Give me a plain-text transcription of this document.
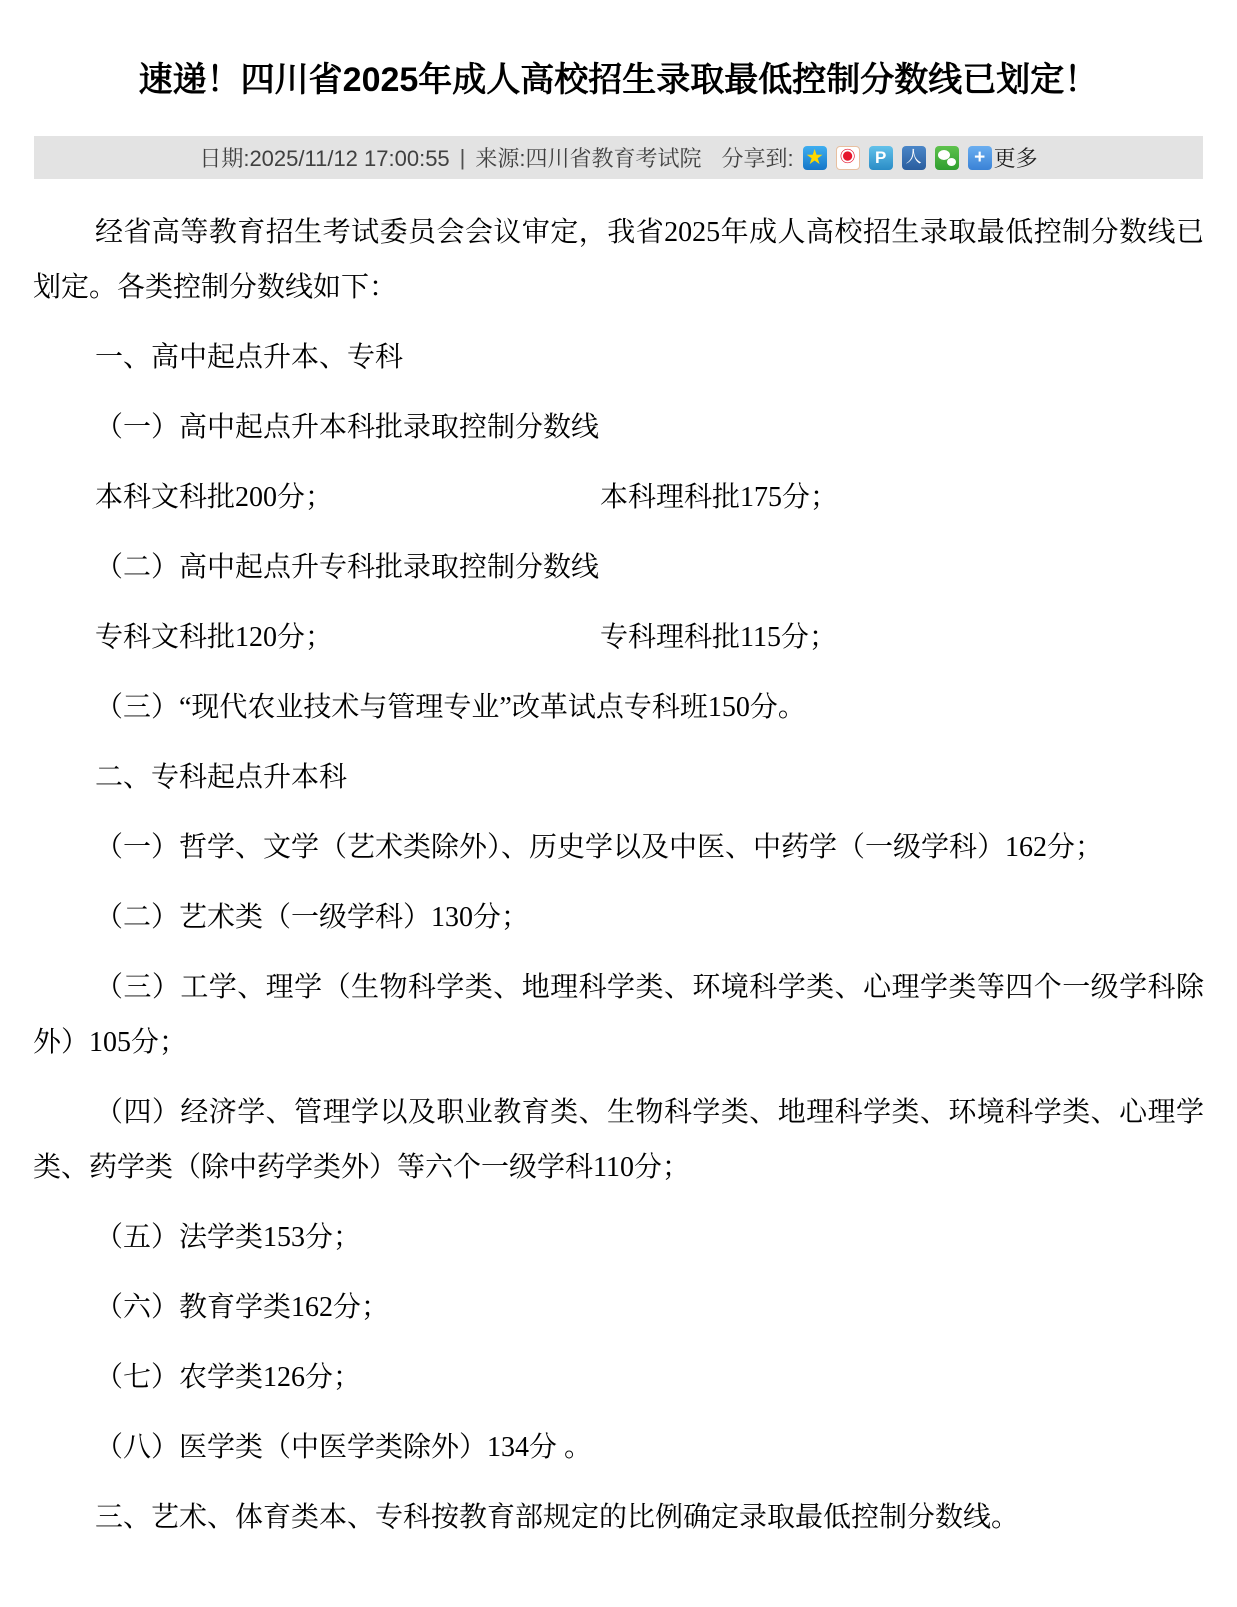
速递！四川省2025年成人高校招生录取最低控制分数线已划定！
日期:2025/11/12 17:00:55 | 来源:四川省教育考试院 分享到: ★ ◉ P 人	+ 更多

经省高等教育招生考试委员会会议审定，我省2025年成人高校招生录取最低控制分数线已划定。各类控制分数线如下：

一、高中起点升本、专科

（一）高中起点升本科批录取控制分数线

本科文科批200分；	本科理科批175分；

（二）高中起点升专科批录取控制分数线

专科文科批120分；	专科理科批115分；

（三）“现代农业技术与管理专业”改革试点专科班150分。

二、专科起点升本科

（一）哲学、文学（艺术类除外）、历史学以及中医、中药学（一级学科）162分；

（二）艺术类（一级学科）130分；

（三）工学、理学（生物科学类、地理科学类、环境科学类、心理学类等四个一级学科除外）105分；

（四）经济学、管理学以及职业教育类、生物科学类、地理科学类、环境科学类、心理学类、药学类（除中药学类外）等六个一级学科110分；

（五）法学类153分；

（六）教育学类162分；

（七）农学类126分；

（八）医学类（中医学类除外）134分 。

三、艺术、体育类本、专科按教育部规定的比例确定录取最低控制分数线。
